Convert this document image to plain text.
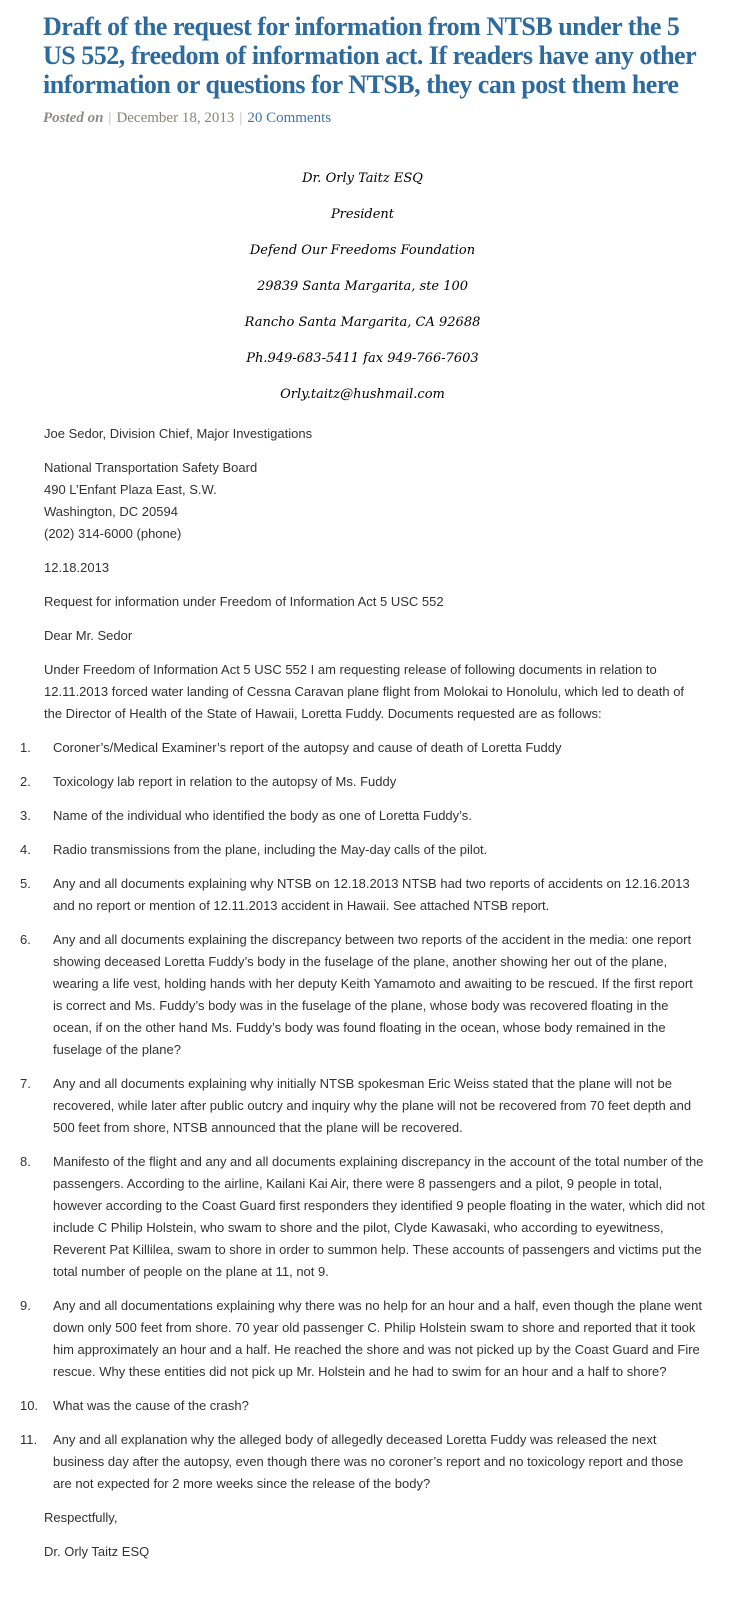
Draft of the request for information from NTSB under the 5
US 552, freedom of information act. If readers have any other
information or questions for NTSB, they can post them here
Posted on | December 18, 2013 | 20 Comments

Dr. Orly Taitz ESQ

President

Defend Our Freedoms Foundation

29839 Santa Margarita, ste 100

Rancho Santa Margarita, CA 92688

Ph.949-683-5411 fax 949-766-7603

Orly.taitz@hushmail.com

Joe Sedor, Division Chief, Major Investigations

National Transportation Safety Board
490 L’Enfant Plaza East, S.W.
Washington, DC 20594
(202) 314-6000 (phone)

12.18.2013

Request for information under Freedom of Information Act 5 USC 552

Dear Mr. Sedor

Under Freedom of Information Act 5 USC 552 I am requesting release of following documents in relation to 12.11.2013 forced water landing of Cessna Caravan plane flight from Molokai to Honolulu, which led to death of the Director of Health of the State of Hawaii, Loretta Fuddy. Documents requested are as follows:

1.	Coroner’s/Medical Examiner’s report of the autopsy and cause of death of Loretta Fuddy
2.	Toxicology lab report in relation to the autopsy of Ms. Fuddy
3.	Name of the individual who identified the body as one of Loretta Fuddy’s.
4.	Radio transmissions from the plane, including the May-day calls of the pilot.
5.	Any and all documents explaining why NTSB on 12.18.2013 NTSB had two reports of accidents on 12.16.2013 and no report or mention of 12.11.2013 accident in Hawaii. See attached NTSB report.
6.	Any and all documents explaining the discrepancy between two reports of the accident in the media: one report showing deceased Loretta Fuddy’s body in the fuselage of the plane, another showing her out of the plane, wearing a life vest, holding hands with her deputy Keith Yamamoto and awaiting to be rescued. If the first report is correct and Ms. Fuddy’s body was in the fuselage of the plane, whose body was recovered floating in the ocean, if on the other hand Ms. Fuddy’s body was found floating in the ocean, whose body remained in the fuselage of the plane?
7.	Any and all documents explaining why initially NTSB spokesman Eric Weiss stated that the plane will not be recovered, while later after public outcry and inquiry why the plane will not be recovered from 70 feet depth and 500 feet from shore, NTSB announced that the plane will be recovered.
8.	Manifesto of the flight and any and all documents explaining discrepancy in the account of the total number of the passengers. According to the airline, Kailani Kai Air, there were 8 passengers and a pilot, 9 people in total, however according to the Coast Guard first responders they identified 9 people floating in the water, which did not include C Philip Holstein, who swam to shore and the pilot, Clyde Kawasaki, who according to eyewitness, Reverent Pat Killilea, swam to shore in order to summon help. These accounts of passengers and victims put the total number of people on the plane at 11, not 9.
9.	Any and all documentations explaining why there was no help for an hour and a half, even though the plane went down only 500 feet from shore. 70 year old passenger C. Philip Holstein swam to shore and reported that it took him approximately an hour and a half. He reached the shore and was not picked up by the Coast Guard and Fire rescue. Why these entities did not pick up Mr. Holstein and he had to swim for an hour and a half to shore?
10.	What was the cause of the crash?
11.	Any and all explanation why the alleged body of allegedly deceased Loretta Fuddy was released the next business day after the autopsy, even though there was no coroner’s report and no toxicology report and those are not expected for 2 more weeks since the release of the body?

Respectfully,

Dr. Orly Taitz ESQ
